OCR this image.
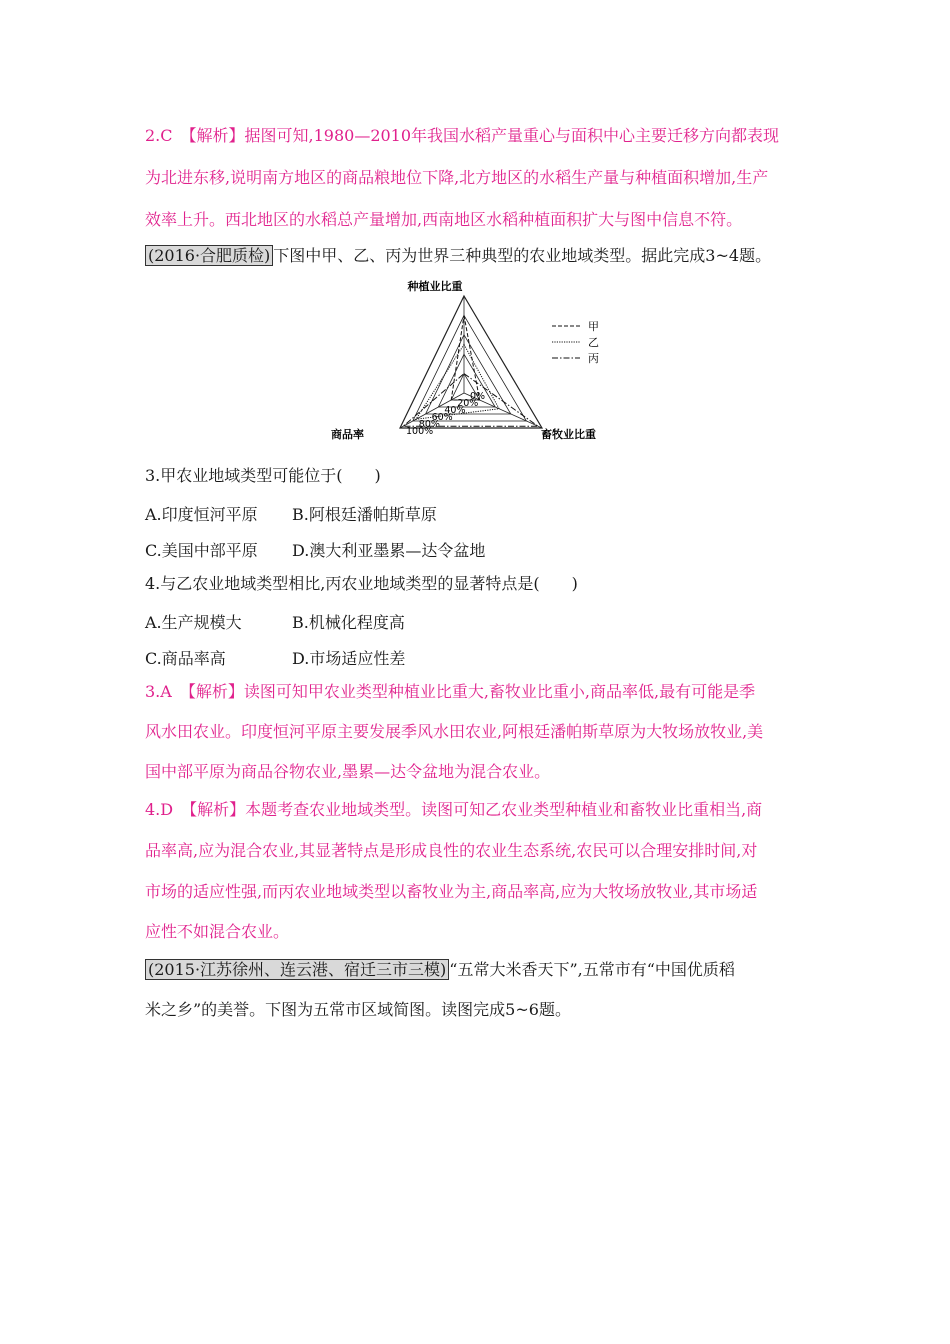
2.C　【解析】据图可知,1980—2010年我国水稻产量重心与面积中心主要迁移方向都表现
为北进东移,说明南方地区的商品粮地位下降,北方地区的水稻生产量与种植面积增加,生产
效率上升。西北地区的水稻总产量增加,西南地区水稻种植面积扩大与图中信息不符。
(2016·合肥质检) 下图中甲、乙、丙为世界三种典型的农业地域类型。据此完成3~4题。
0%
20%
40%
60%
80%
100%
种植业比重
畜牧业比重
商品率
甲
乙
丙
3.甲农业地域类型可能位于(　　)
A.印度恒河平原 B.阿根廷潘帕斯草原
C.美国中部平原 D.澳大利亚墨累—达令盆地
4.与乙农业地域类型相比,丙农业地域类型的显著特点是(　　)
A.生产规模大	B.机械化程度高
C.商品率高	D.市场适应性差
3.A　【解析】读图可知甲农业类型种植业比重大,畜牧业比重小,商品率低,最有可能是季
风水田农业。印度恒河平原主要发展季风水田农业,阿根廷潘帕斯草原为大牧场放牧业,美
国中部平原为商品谷物农业,墨累—达令盆地为混合农业。
4.D　【解析】本题考查农业地域类型。读图可知乙农业类型种植业和畜牧业比重相当,商
品率高,应为混合农业,其显著特点是形成良性的农业生态系统,农民可以合理安排时间,对
市场的适应性强,而丙农业地域类型以畜牧业为主,商品率高,应为大牧场放牧业,其市场适
应性不如混合农业。
(2015·江苏徐州、连云港、宿迁三市三模) “五常大米香天下”,五常市有“中国优质稻
米之乡”的美誉。下图为五常市区域简图。读图完成5~6题。
